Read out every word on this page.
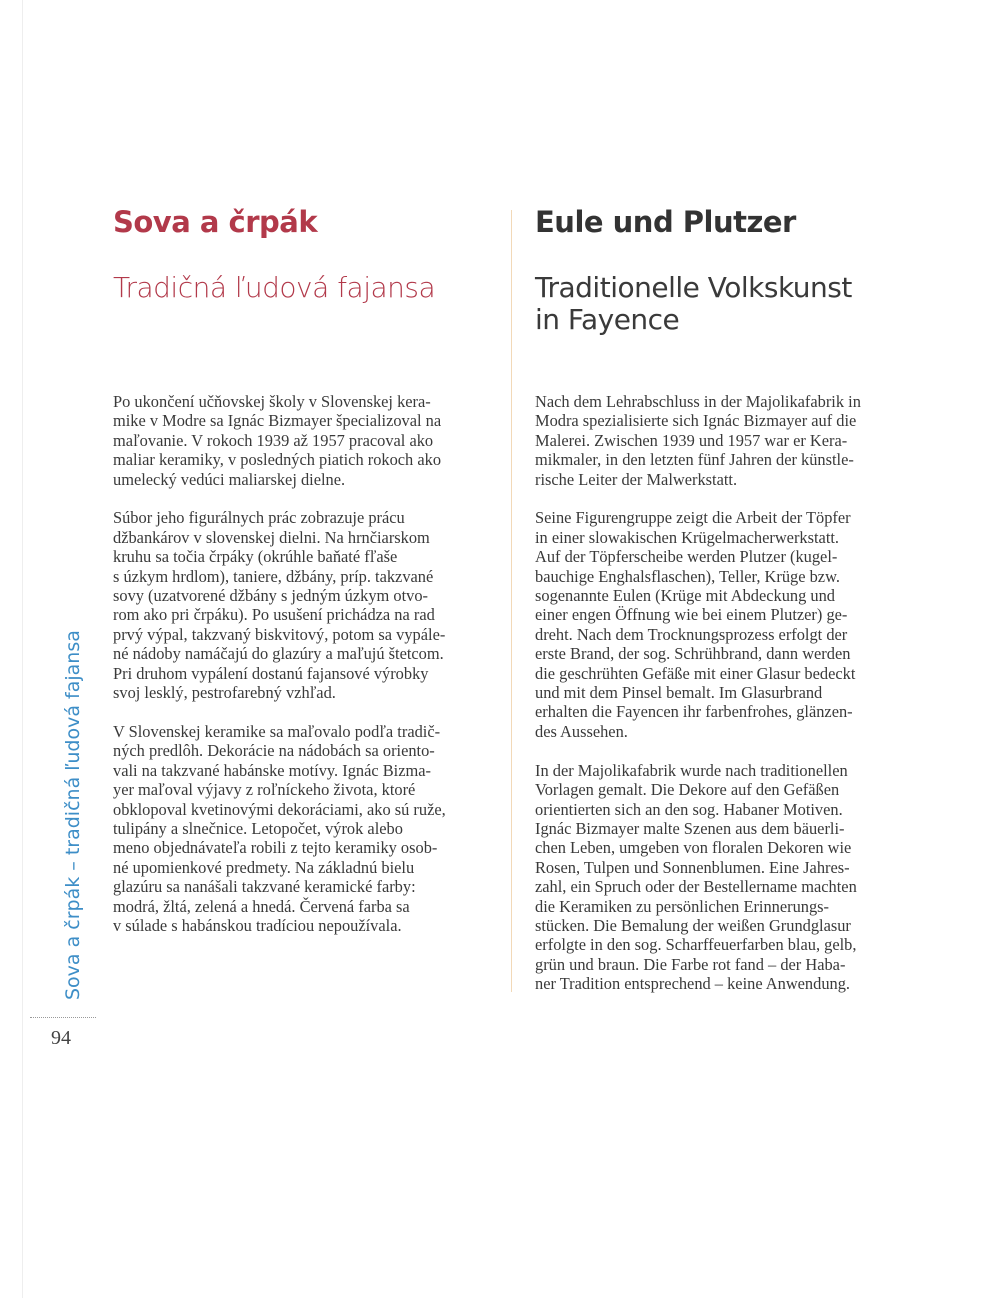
Sova a črpák
Tradičná ľudová fajansa
Po ukončení učňovskej školy v Slovenskej kera-
mike v Modre sa Ignác Bizmayer špecializoval na
maľovanie. V rokoch 1939 až 1957 pracoval ako
maliar keramiky, v posledných piatich rokoch ako
umelecký vedúci maliarskej dielne.
Súbor jeho figurálnych prác zobrazuje prácu
džbankárov v slovenskej dielni. Na hrnčiarskom
kruhu sa točia črpáky (okrúhle baňaté fľaše
s úzkym hrdlom), taniere, džbány, príp. takzvané
sovy (uzatvorené džbány s jedným úzkym otvo-
rom ako pri črpáku). Po usušení prichádza na rad
prvý výpal, takzvaný biskvitový, potom sa vypále-
né nádoby namáčajú do glazúry a maľujú štetcom.
Pri druhom vypálení dostanú fajansové výrobky
svoj lesklý, pestrofarebný vzhľad.
V Slovenskej keramike sa maľovalo podľa tradič-
ných predlôh. Dekorácie na nádobách sa oriento-
vali na takzvané habánske motívy. Ignác Bizma-
yer maľoval výjavy z roľníckeho života, ktoré
obklopoval kvetinovými dekoráciami, ako sú ruže,
tulipány a slnečnice. Letopočet, výrok alebo
meno objednávateľa robili z tejto keramiky osob-
né upomienkové predmety. Na základnú bielu
glazúru sa nanášali takzvané keramické farby:
modrá, žltá, zelená a hnedá. Červená farba sa
v súlade s habánskou tradíciou nepoužívala.
Eule und Plutzer
Traditionelle Volkskunst
in Fayence
Nach dem Lehrabschluss in der Majolikafabrik in
Modra spezialisierte sich Ignác Bizmayer auf die
Malerei. Zwischen 1939 und 1957 war er Kera-
mikmaler, in den letzten fünf Jahren der künstle-
rische Leiter der Malwerkstatt.
Seine Figurengruppe zeigt die Arbeit der Töpfer
in einer slowakischen Krügelmacherwerkstatt.
Auf der Töpferscheibe werden Plutzer (kugel-
bauchige Enghalsflaschen), Teller, Krüge bzw.
sogenannte Eulen (Krüge mit Abdeckung und
einer engen Öffnung wie bei einem Plutzer) ge-
dreht. Nach dem Trocknungsprozess erfolgt der
erste Brand, der sog. Schrühbrand, dann werden
die geschrühten Gefäße mit einer Glasur bedeckt
und mit dem Pinsel bemalt. Im Glasurbrand
erhalten die Fayencen ihr farbenfrohes, glänzen-
des Aussehen.
In der Majolikafabrik wurde nach traditionellen
Vorlagen gemalt. Die Dekore auf den Gefäßen
orientierten sich an den sog. Habaner Motiven.
Ignác Bizmayer malte Szenen aus dem bäuerli-
chen Leben, umgeben von floralen Dekoren wie
Rosen, Tulpen und Sonnenblumen. Eine Jahres-
zahl, ein Spruch oder der Bestellername machten
die Keramiken zu persönlichen Erinnerungs-
stücken. Die Bemalung der weißen Grundglasur
erfolgte in den sog. Scharffeuerfarben blau, gelb,
grün und braun. Die Farbe rot fand – der Haba-
ner Tradition entsprechend – keine Anwendung.
Sova a črpák – tradičná ľudová fajansa
94
